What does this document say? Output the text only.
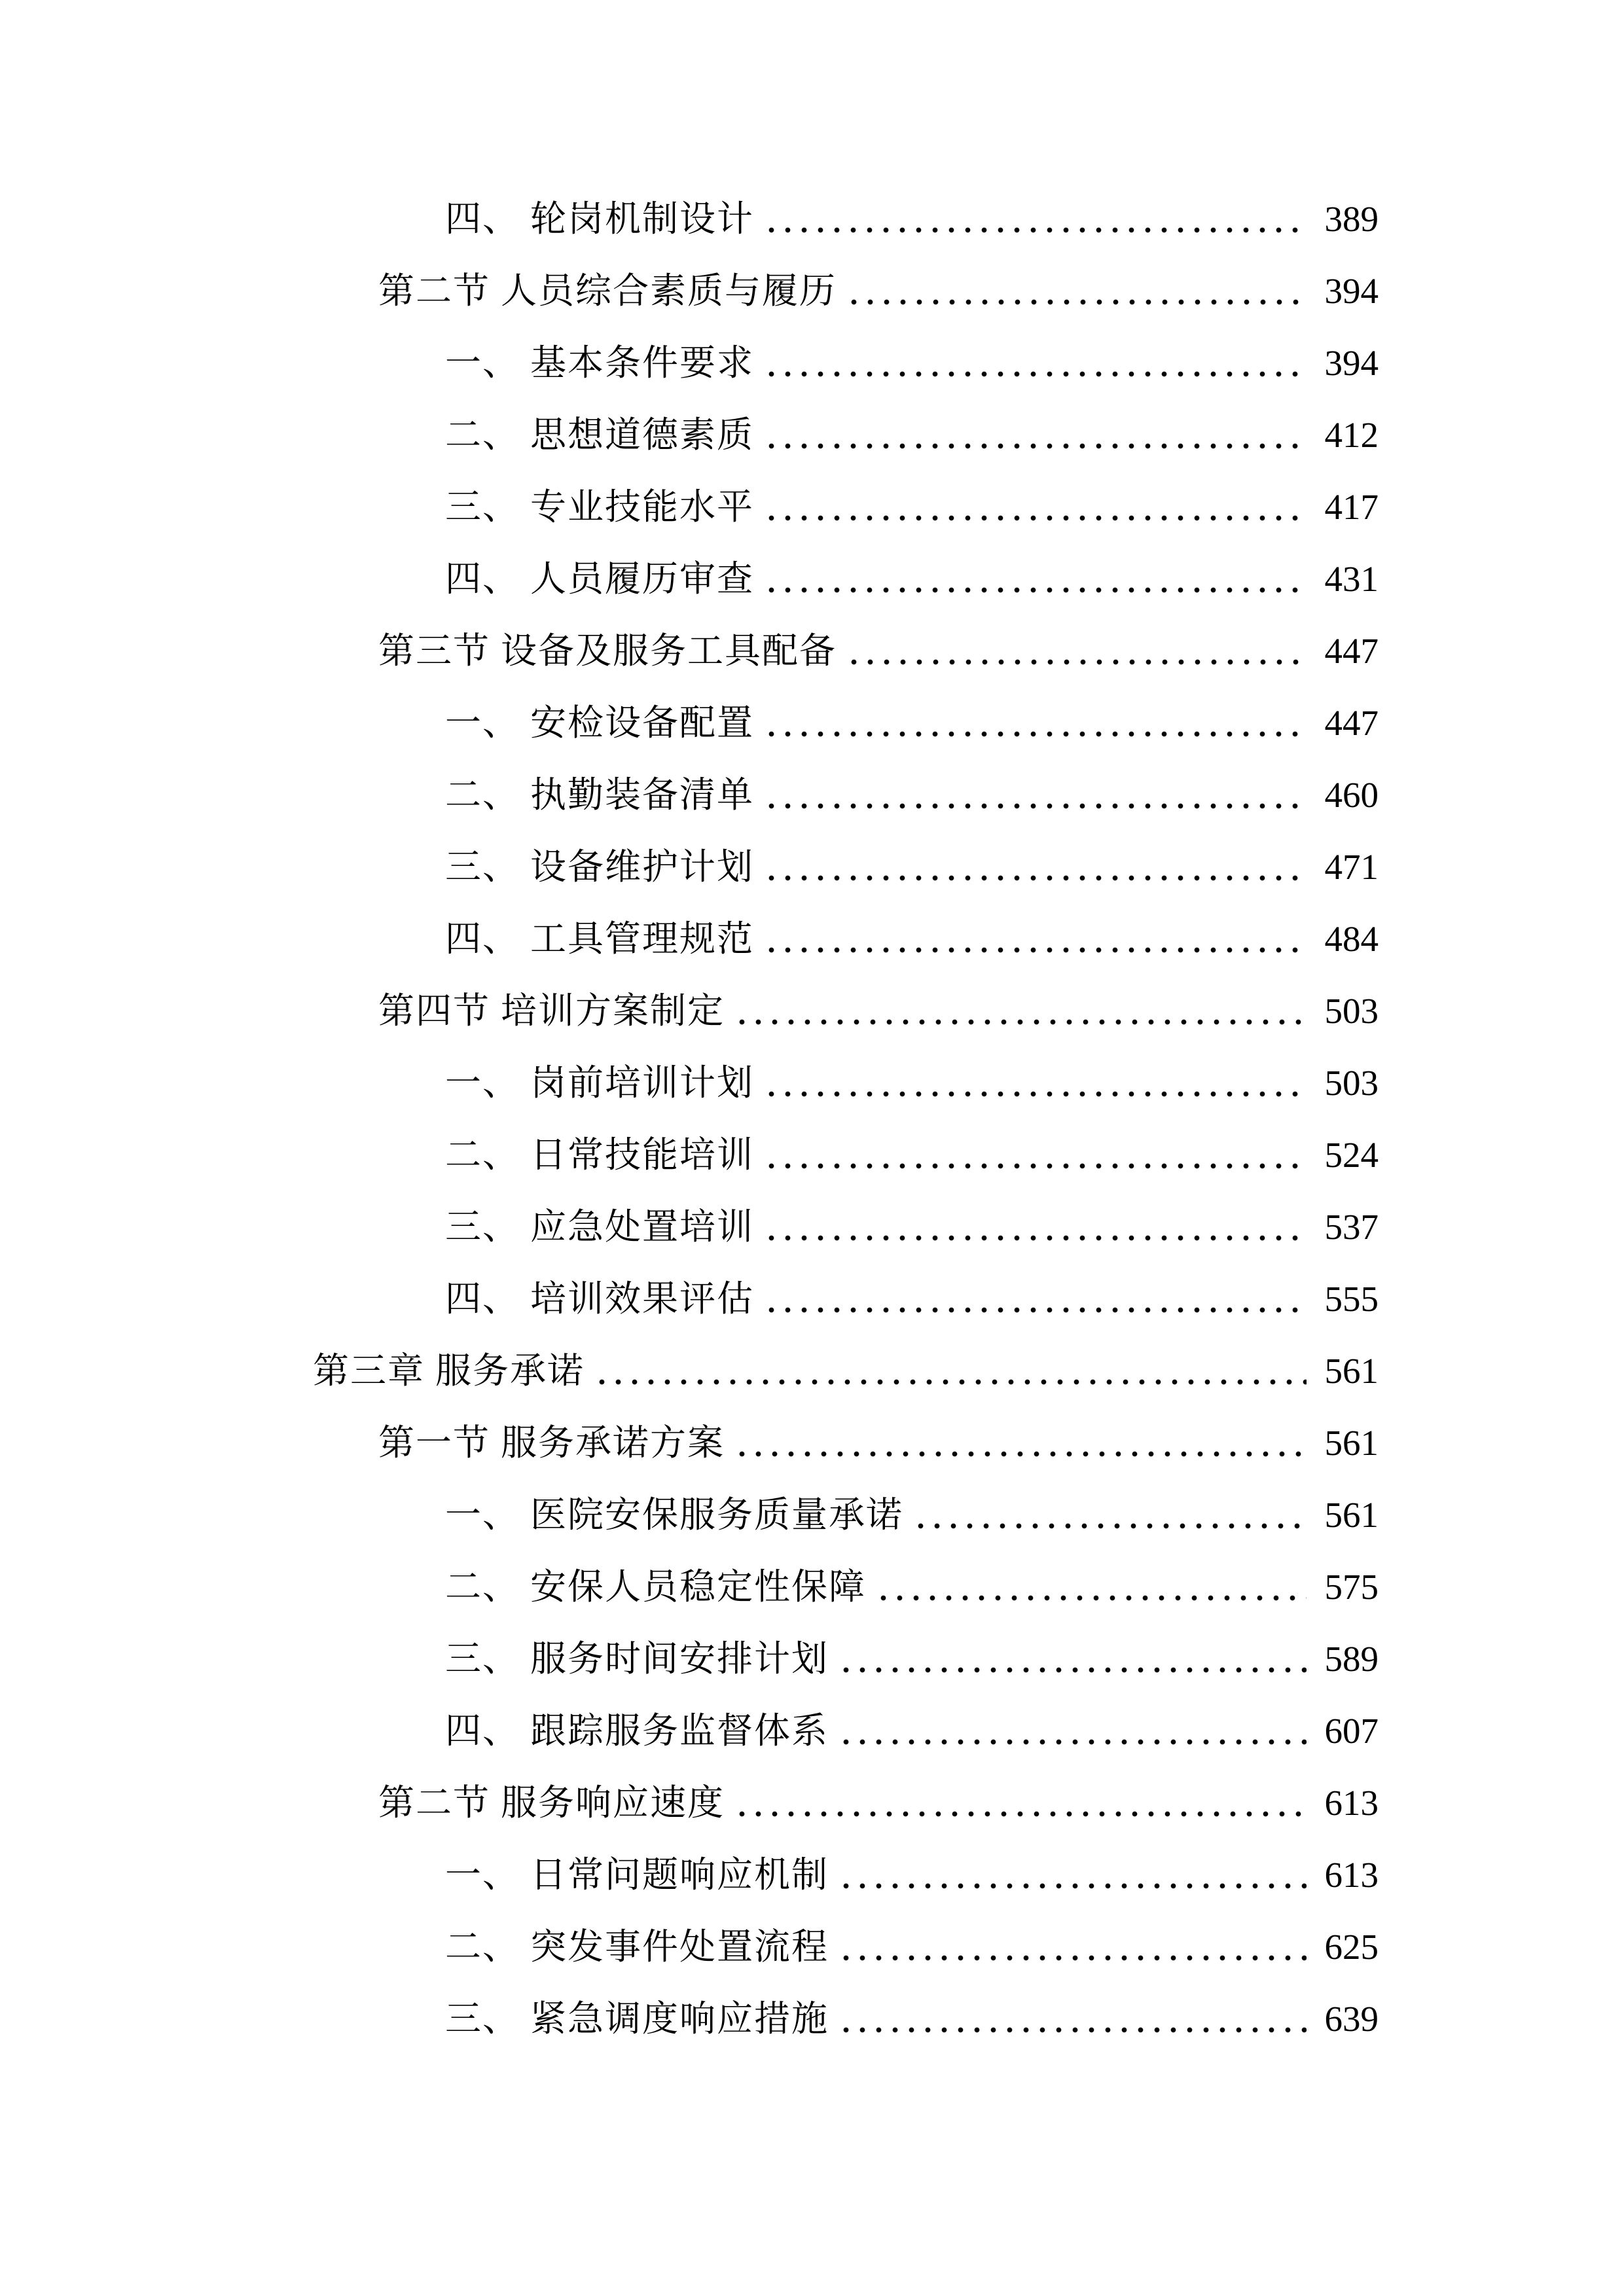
四、 轮岗机制设计	389
第二节 人员综合素质与履历	394
一、 基本条件要求	394
二、 思想道德素质	412
三、 专业技能水平	417
四、 人员履历审查	431
第三节 设备及服务工具配备	447
一、 安检设备配置	447
二、 执勤装备清单	460
三、 设备维护计划	471
四、 工具管理规范	484
第四节 培训方案制定	503
一、 岗前培训计划	503
二、 日常技能培训	524
三、 应急处置培训	537
四、 培训效果评估	555
第三章 服务承诺	561
第一节 服务承诺方案	561
一、 医院安保服务质量承诺	561
二、 安保人员稳定性保障	575
三、 服务时间安排计划	589
四、 跟踪服务监督体系	607
第二节 服务响应速度	613
一、 日常问题响应机制	613
二、 突发事件处置流程	625
三、 紧急调度响应措施	639
